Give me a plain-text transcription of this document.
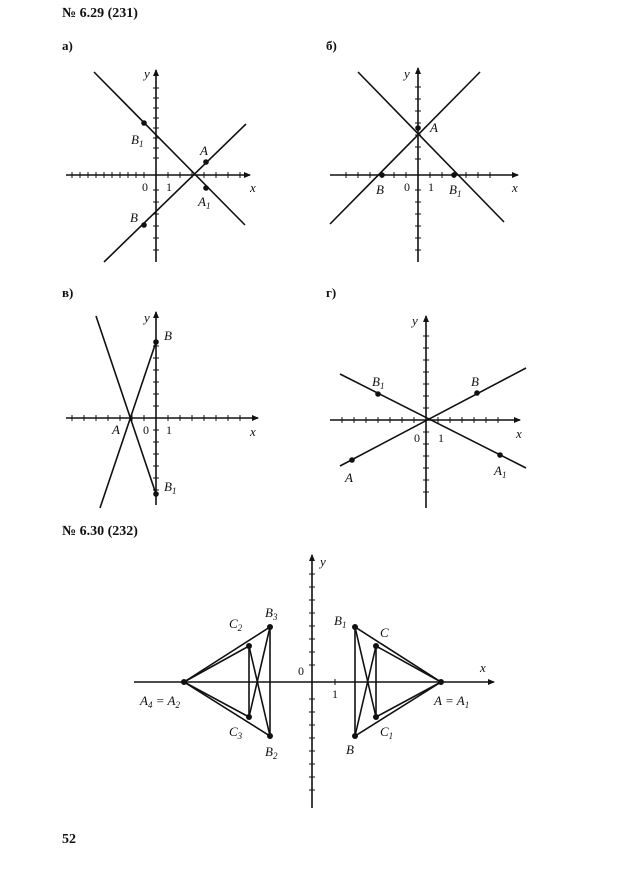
№ 6.29 (231)
а)	б)
в)	г)
№ 6.30 (232)
52
y
x
0 1
A
$A_1$
B
$B_1$
y
x
0 1
A
B	$B_1$
y
x
0 1
A
B
$B_1$
y
x
0 1
A	$A_1$
B
$B_1$
y
x
0
1	$A = A_1$
$A_4 = A_2$
$B_1$	C
$C_1$
B
$B_3$
$C_2$
$C_3$
$B_2$
